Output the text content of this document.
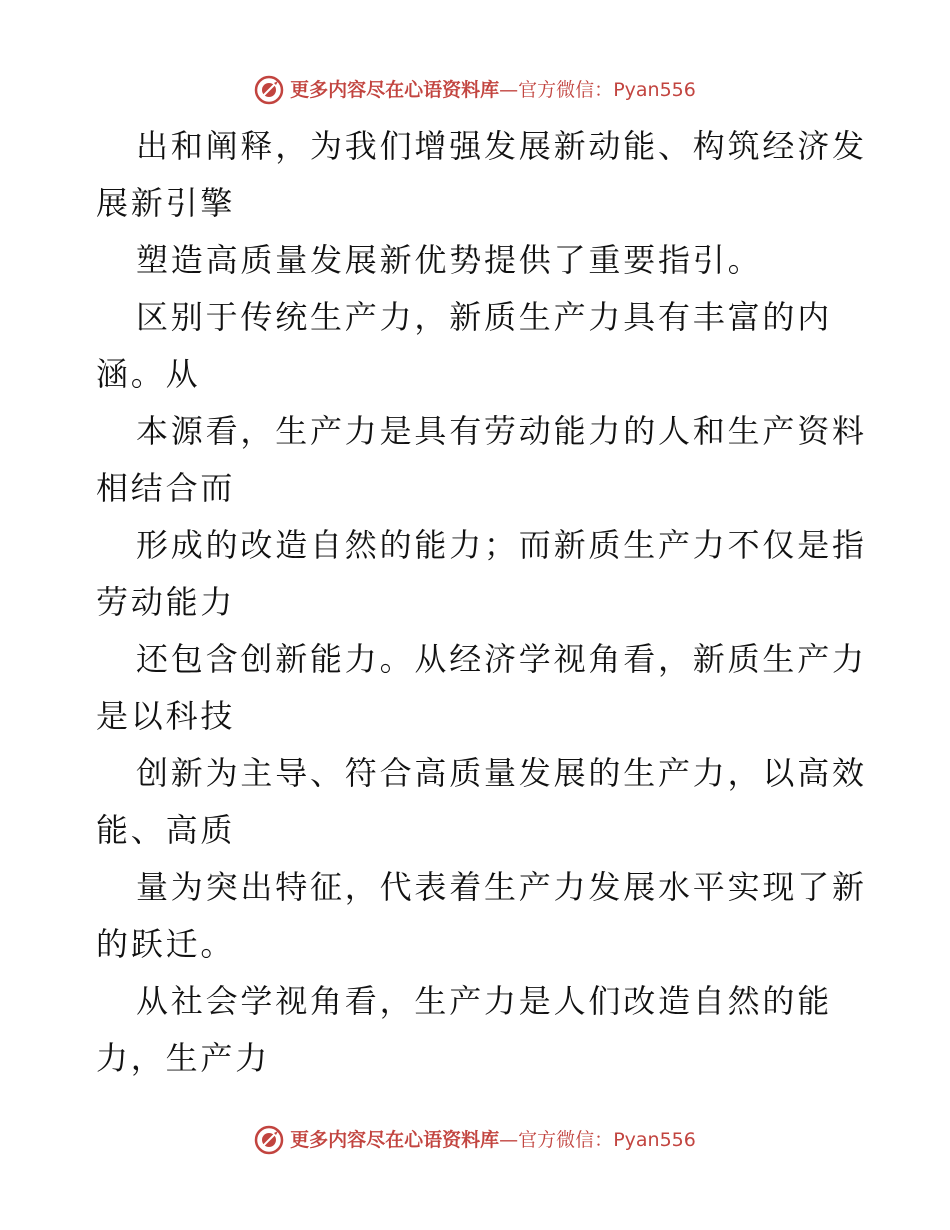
更多内容尽在心语资料库—官方微信：Pyan556
出和阐释，为我们增强发展新动能、构筑经济发
展新引擎
塑造高质量发展新优势提供了重要指引。
区别于传统生产力，新质生产力具有丰富的内
涵。从
本源看，生产力是具有劳动能力的人和生产资料
相结合而
形成的改造自然的能力；而新质生产力不仅是指
劳动能力
还包含创新能力。从经济学视角看，新质生产力
是以科技
创新为主导、符合高质量发展的生产力，以高效
能、高质
量为突出特征，代表着生产力发展水平实现了新
的跃迁。
从社会学视角看，生产力是人们改造自然的能
力，生产力
更多内容尽在心语资料库—官方微信：Pyan556
